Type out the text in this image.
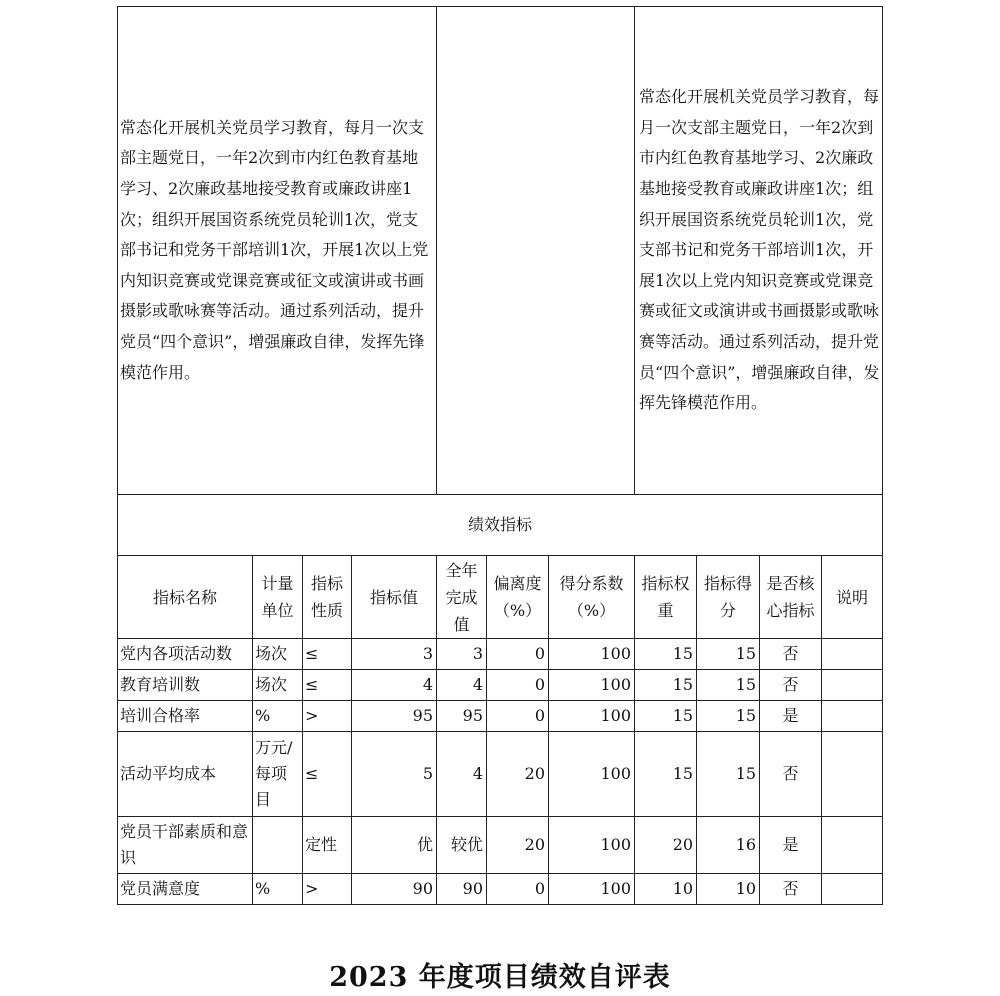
常态化开展机关党员学习教育，每月一次支部主题党日，一年2次到市内红色教育基地学习、2次廉政基地接受教育或廉政讲座1次；组织开展国资系统党员轮训1次，党支部书记和党务干部培训1次，开展1次以上党内知识竞赛或党课竞赛或征文或演讲或书画摄影或歌咏赛等活动。通过系列活动，提升党员“四个意识”，增强廉政自律，发挥先锋模范作用。							常态化开展机关党员学习教育，每月一次支部主题党日，一年2次到市内红色教育基地学习、2次廉政基地接受教育或廉政讲座1次；组织开展国资系统党员轮训1次，党支部书记和党务干部培训1次，开展1次以上党内知识竞赛或党课竞赛或征文或演讲或书画摄影或歌咏赛等活动。通过系列活动，提升党员“四个意识”，增强廉政自律，发挥先锋模范作用。			
绩效指标										
指标名称	计量单位	指标性质	指标值	全年完成值	偏离度（%）	得分系数（%）	指标权重	指标得分	是否核心指标	说明
党内各项活动数	场次	≤	3	3	0	100	15	15	否	
教育培训数	场次	≤	4	4	0	100	15	15	否	
培训合格率	%	>	95	95	0	100	15	15	是	
活动平均成本	万元/每项目	≤	5	4	20	100	15	15	否	
党员干部素质和意识		定性	优	较优	20	100	20	16	是	
党员满意度	%	>	90	90	0	100	10	10	否	
2023 年度项目绩效自评表
